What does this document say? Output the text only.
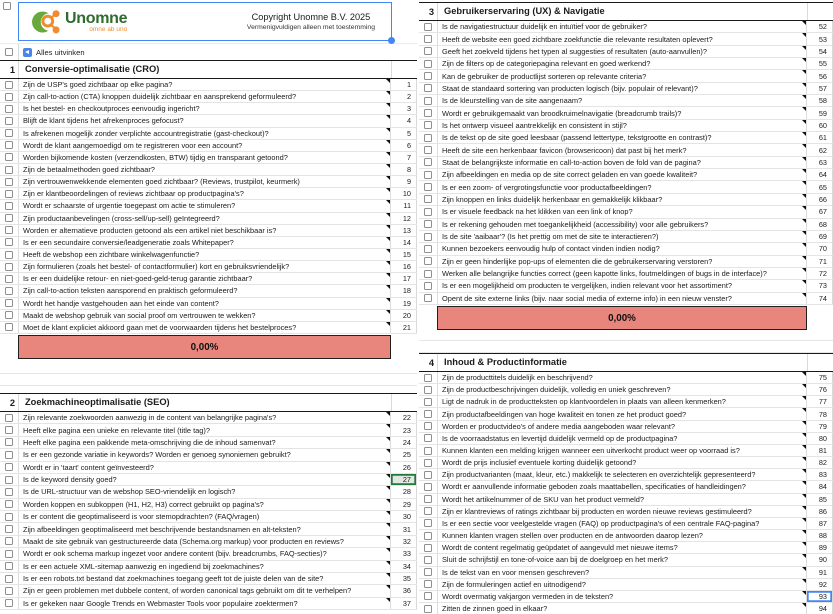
Unomne
omne ab uno
Copyright Unomne B.V. 2025
Vermenigvuldigen alleen met toestemming
Alles uitvinken
1	Conversie-optimalisatie (CRO)
Zijn de USP's goed zichtbaar op elke pagina?	1
Zijn call-to-action (CTA) knoppen duidelijk zichtbaar en aansprekend geformuleerd?	2
Is het bestel- en checkoutproces eenvoudig ingericht?	3
Blijft de klant tijdens het afrekenproces gefocust?	4
Is afrekenen mogelijk zonder verplichte accountregistratie (gast-checkout)?	5
Wordt de klant aangemoedigd om te registreren voor een account?	6
Worden bijkomende kosten (verzendkosten, BTW) tijdig en transparant getoond?	7
Zijn de betaalmethoden goed zichtbaar?	8
Zijn vertrouwenwekkende elementen goed zichtbaar? (Reviews, trustpilot, keurmerk)	9
Zijn er klantbeoordelingen of reviews zichtbaar op productpagina's?	10
Wordt er schaarste of urgentie toegepast om actie te stimuleren?	11
Zijn productaanbevelingen (cross-sell/up-sell) geïntegreerd?	12
Worden er alternatieve producten getoond als een artikel niet beschikbaar is?	13
Is er een secundaire conversie/leadgeneratie zoals Whitepaper?	14
Heeft de webshop een zichtbare winkelwagenfunctie?	15
Zijn formulieren (zoals het bestel- of contactformulier) kort en gebruiksvriendelijk?	16
Is er een duidelijke retour- en niet-goed-geld-terug garantie zichtbaar?	17
Zijn call-to-action teksten aansporend en praktisch geformuleerd?	18
Wordt het handje vastgehouden aan het einde van content?	19
Maakt de webshop gebruik van social proof om vertrouwen te wekken?	20
Moet de klant expliciet akkoord gaan met de voorwaarden tijdens het bestelproces?	21
0,00%
2	Zoekmachineoptimalisatie (SEO)
Zijn relevante zoekwoorden aanwezig in de content van belangrijke pagina's?	22
Heeft elke pagina een unieke en relevante titel (title tag)?	23
Heeft elke pagina een pakkende meta-omschrijving die de inhoud samenvat?	24
Is er een gezonde variatie in keywords? Worden er genoeg synoniemen gebruikt?	25
Wordt er in 'taart' content geïnvesteerd?	26
Is de keyword density goed?	27
Is de URL-structuur van de webshop SEO-vriendelijk en logisch?	28
Worden koppen en subkoppen (H1, H2, H3) correct gebruikt op pagina's?	29
Is er content die geoptimaliseerd is voor stemopdrachten? (FAQ/vragen)	30
Zijn afbeeldingen geoptimaliseerd met beschrijvende bestandsnamen en alt-teksten?	31
Maakt de site gebruik van gestructureerde data (Schema.org markup) voor producten en reviews?	32
Wordt er ook schema markup ingezet voor andere content (bijv. breadcrumbs, FAQ-secties)?	33
Is er een actuele XML-sitemap aanwezig en ingediend bij zoekmachines?	34
Is er een robots.txt bestand dat zoekmachines toegang geeft tot de juiste delen van de site?	35
Zijn er geen problemen met dubbele content, of worden canonical tags gebruikt om dit te verhelpen?	36
Is er gekeken naar Google Trends en Webmaster Tools voor populaire zoektermen?	37
3	Gebruikerservaring (UX) & Navigatie
Is de navigatiestructuur duidelijk en intuïtief voor de gebruiker?	52
Heeft de website een goed zichtbare zoekfunctie die relevante resultaten oplevert?	53
Geeft het zoekveld tijdens het typen al suggesties of resultaten (auto-aanvullen)?	54
Zijn de filters op de categoriepagina relevant en goed werkend?	55
Kan de gebruiker de productlijst sorteren op relevante criteria?	56
Staat de standaard sortering van producten logisch (bijv. populair of relevant)?	57
Is de kleurstelling van de site aangenaam?	58
Wordt er gebruikgemaakt van broodkruimelnavigatie (breadcrumb trails)?	59
Is het ontwerp visueel aantrekkelijk en consistent in stijl?	60
Is de tekst op de site goed leesbaar (passend lettertype, tekstgrootte en contrast)?	61
Heeft de site een herkenbaar favicon (browsericoon) dat past bij het merk?	62
Staat de belangrijkste informatie en call-to-action boven de fold van de pagina?	63
Zijn afbeeldingen en media op de site correct geladen en van goede kwaliteit?	64
Is er een zoom- of vergrotingsfunctie voor productafbeeldingen?	65
Zijn knoppen en links duidelijk herkenbaar en gemakkelijk klikbaar?	66
Is er visuele feedback na het klikken van een link of knop?	67
Is er rekening gehouden met toegankelijkheid (accessibility) voor alle gebruikers?	68
Is de site 'aaibaar'? (Is het prettig om met de site te interactieren?)	69
Kunnen bezoekers eenvoudig hulp of contact vinden indien nodig?	70
Zijn er geen hinderlijke pop-ups of elementen die de gebruikerservaring verstoren?	71
Werken alle belangrijke functies correct (geen kapotte links, foutmeldingen of bugs in de interface)?	72
Is er een mogelijkheid om producten te vergelijken, indien relevant voor het assortiment?	73
Opent de site externe links (bijv. naar social media of externe info) in een nieuw venster?	74
0,00%
4	Inhoud & Productinformatie
Zijn de producttitels duidelijk en beschrijvend?	75
Zijn de productbeschrijvingen duidelijk, volledig en uniek geschreven?	76
Ligt de nadruk in de productteksten op klantvoordelen in plaats van alleen kenmerken?	77
Zijn productafbeeldingen van hoge kwaliteit en tonen ze het product goed?	78
Worden er productvideo's of andere media aangeboden waar relevant?	79
Is de voorraadstatus en levertijd duidelijk vermeld op de productpagina?	80
Kunnen klanten een melding krijgen wanneer een uitverkocht product weer op voorraad is?	81
Wordt de prijs inclusief eventuele korting duidelijk getoond?	82
Zijn productvarianten (maat, kleur, etc.) makkelijk te selecteren en overzichtelijk gepresenteerd?	83
Wordt er aanvullende informatie geboden zoals maattabellen, specificaties of handleidingen?	84
Wordt het artikelnummer of de SKU van het product vermeld?	85
Zijn er klantreviews of ratings zichtbaar bij producten en worden nieuwe reviews gestimuleerd?	86
Is er een sectie voor veelgestelde vragen (FAQ) op productpagina's of een centrale FAQ-pagina?	87
Kunnen klanten vragen stellen over producten en de antwoorden daarop lezen?	88
Wordt de content regelmatig geüpdatet of aangevuld met nieuwe items?	89
Sluit de schrijfstijl en tone-of-voice aan bij de doelgroep en het merk?	90
Is de tekst van en voor mensen geschreven?	91
Zijn de formuleringen actief en uitnodigend?	92
Wordt overmatig vakjargon vermeden in de teksten?	93
Zitten de zinnen goed in elkaar?	94
